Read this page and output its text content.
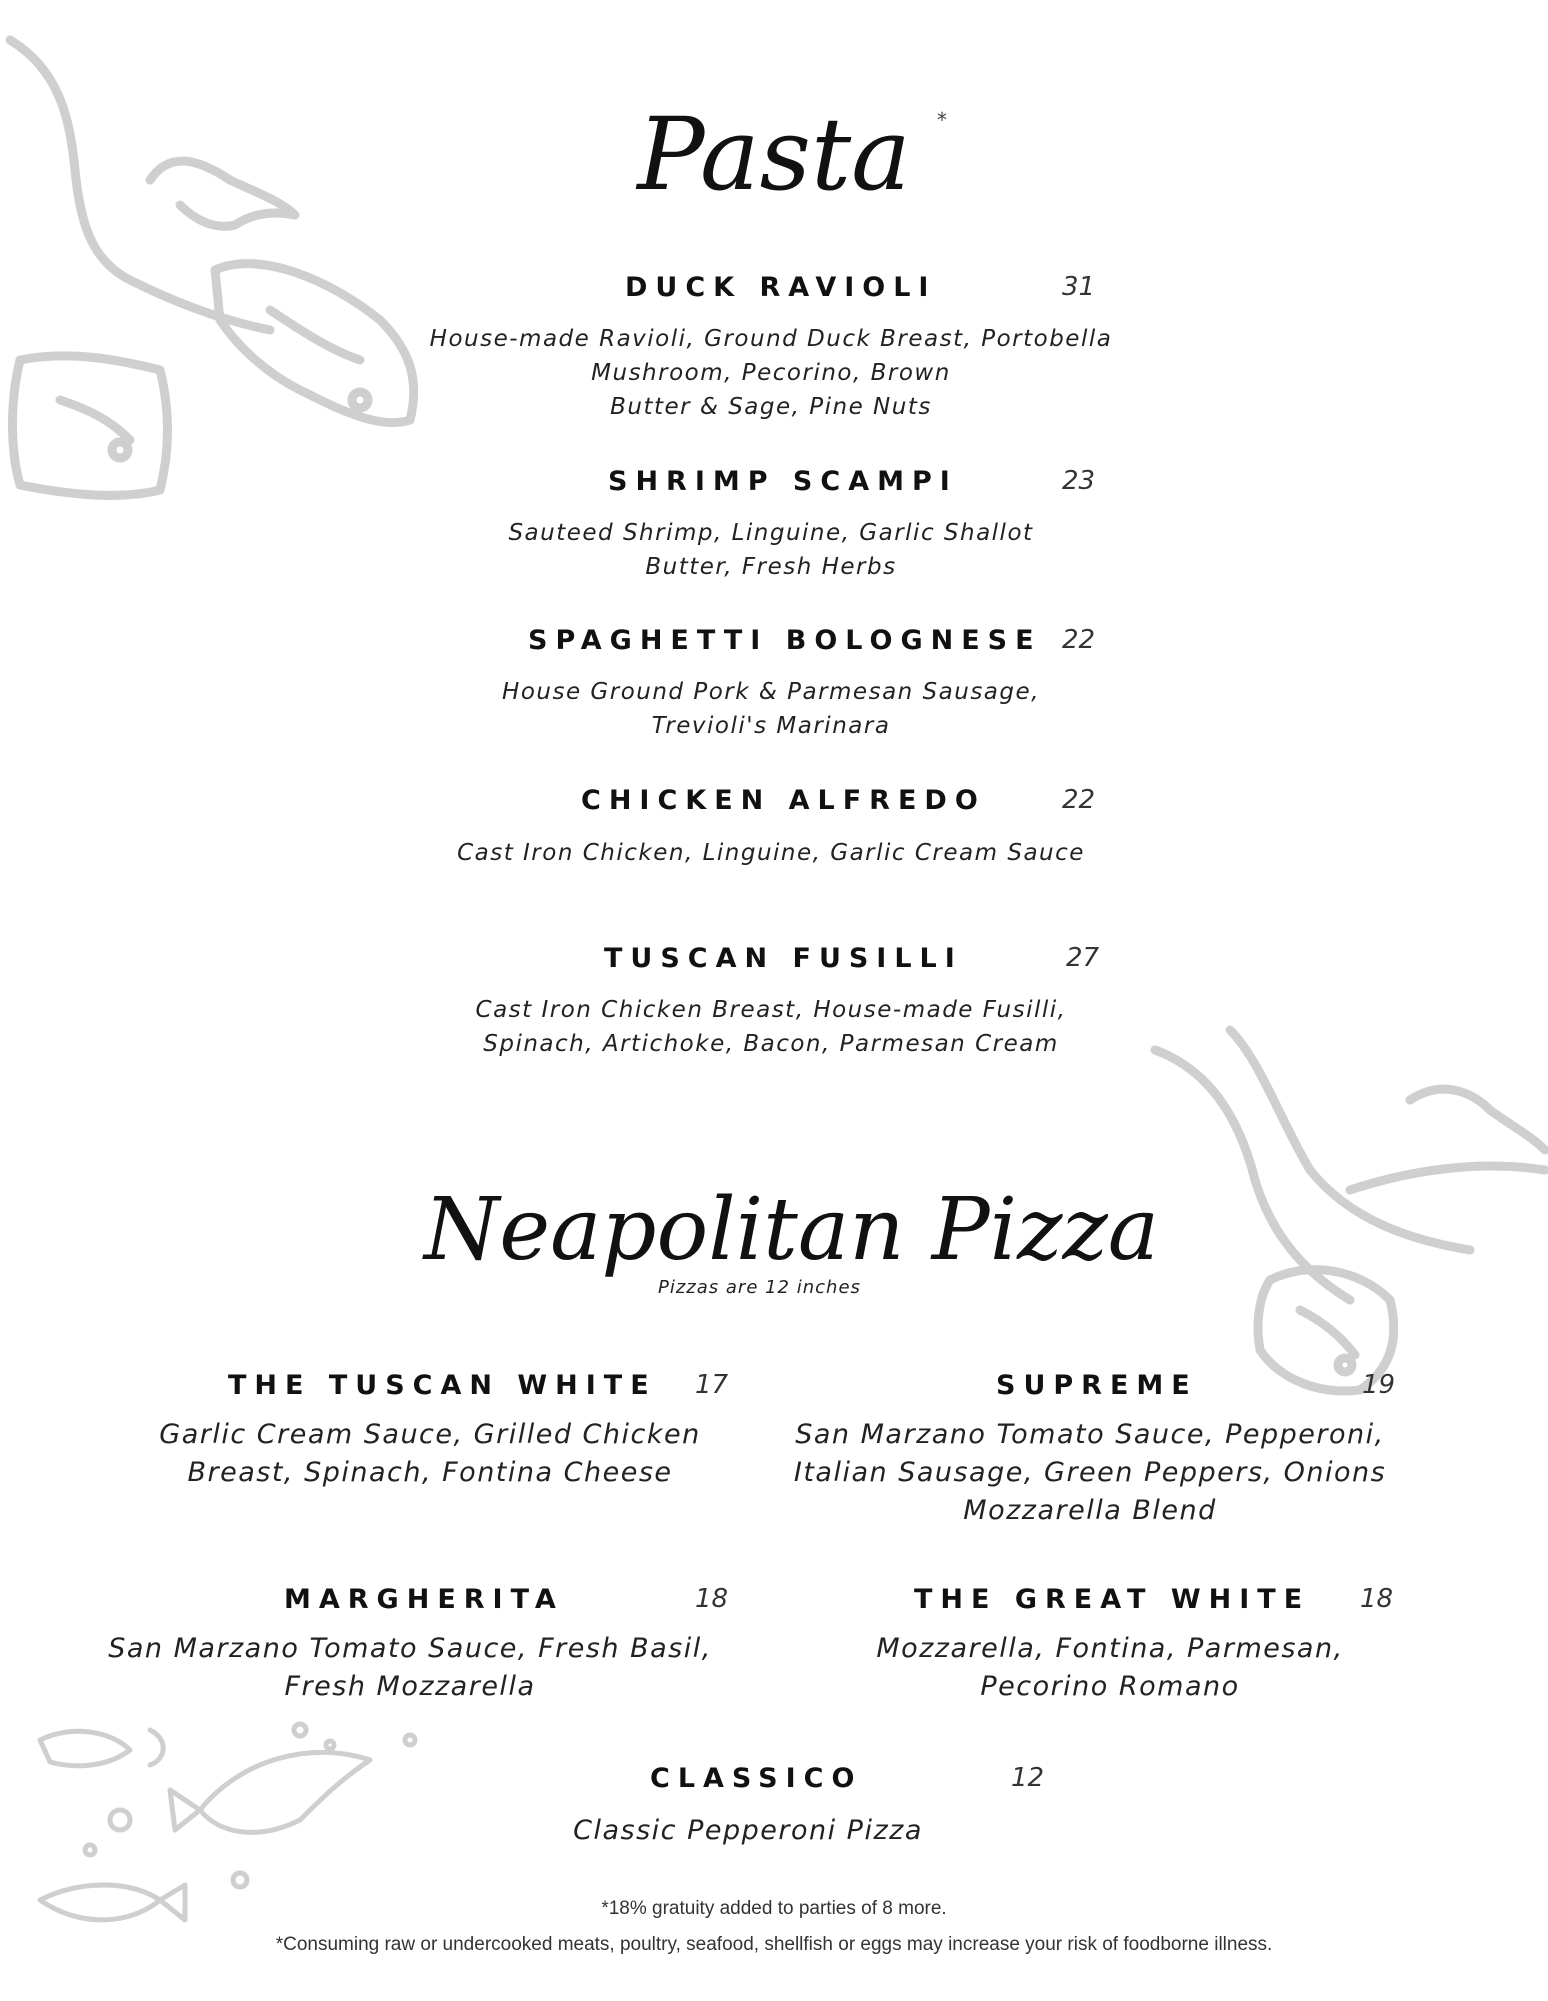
Pasta	*
DUCK RAVIOLI	31
House-made Ravioli, Ground Duck Breast, Portobella
Mushroom, Pecorino, Brown
Butter & Sage, Pine Nuts
SHRIMP SCAMPI	23
Sauteed Shrimp, Linguine, Garlic Shallot
Butter, Fresh Herbs
SPAGHETTI BOLOGNESE 22
House Ground Pork & Parmesan Sausage,
Trevioli's Marinara
CHICKEN ALFREDO	22
Cast Iron Chicken, Linguine, Garlic Cream Sauce
TUSCAN FUSILLI	27
Cast Iron Chicken Breast, House-made Fusilli,
Spinach, Artichoke, Bacon, Parmesan Cream
Neapolitan Pizza
Pizzas are 12 inches
THE TUSCAN WHITE 17
Garlic Cream Sauce, Grilled Chicken
Breast, Spinach, Fontina Cheese
SUPREME	19
San Marzano Tomato Sauce, Pepperoni,
Italian Sausage, Green Peppers, Onions
Mozzarella Blend
MARGHERITA	18
San Marzano Tomato Sauce, Fresh Basil,
Fresh Mozzarella
THE GREAT WHITE 18
Mozzarella, Fontina, Parmesan,
Pecorino Romano
CLASSICO	12
Classic Pepperoni Pizza
*18% gratuity added to parties of 8 more.
*Consuming raw or undercooked meats, poultry, seafood, shellfish or eggs may increase your risk of foodborne illness.
